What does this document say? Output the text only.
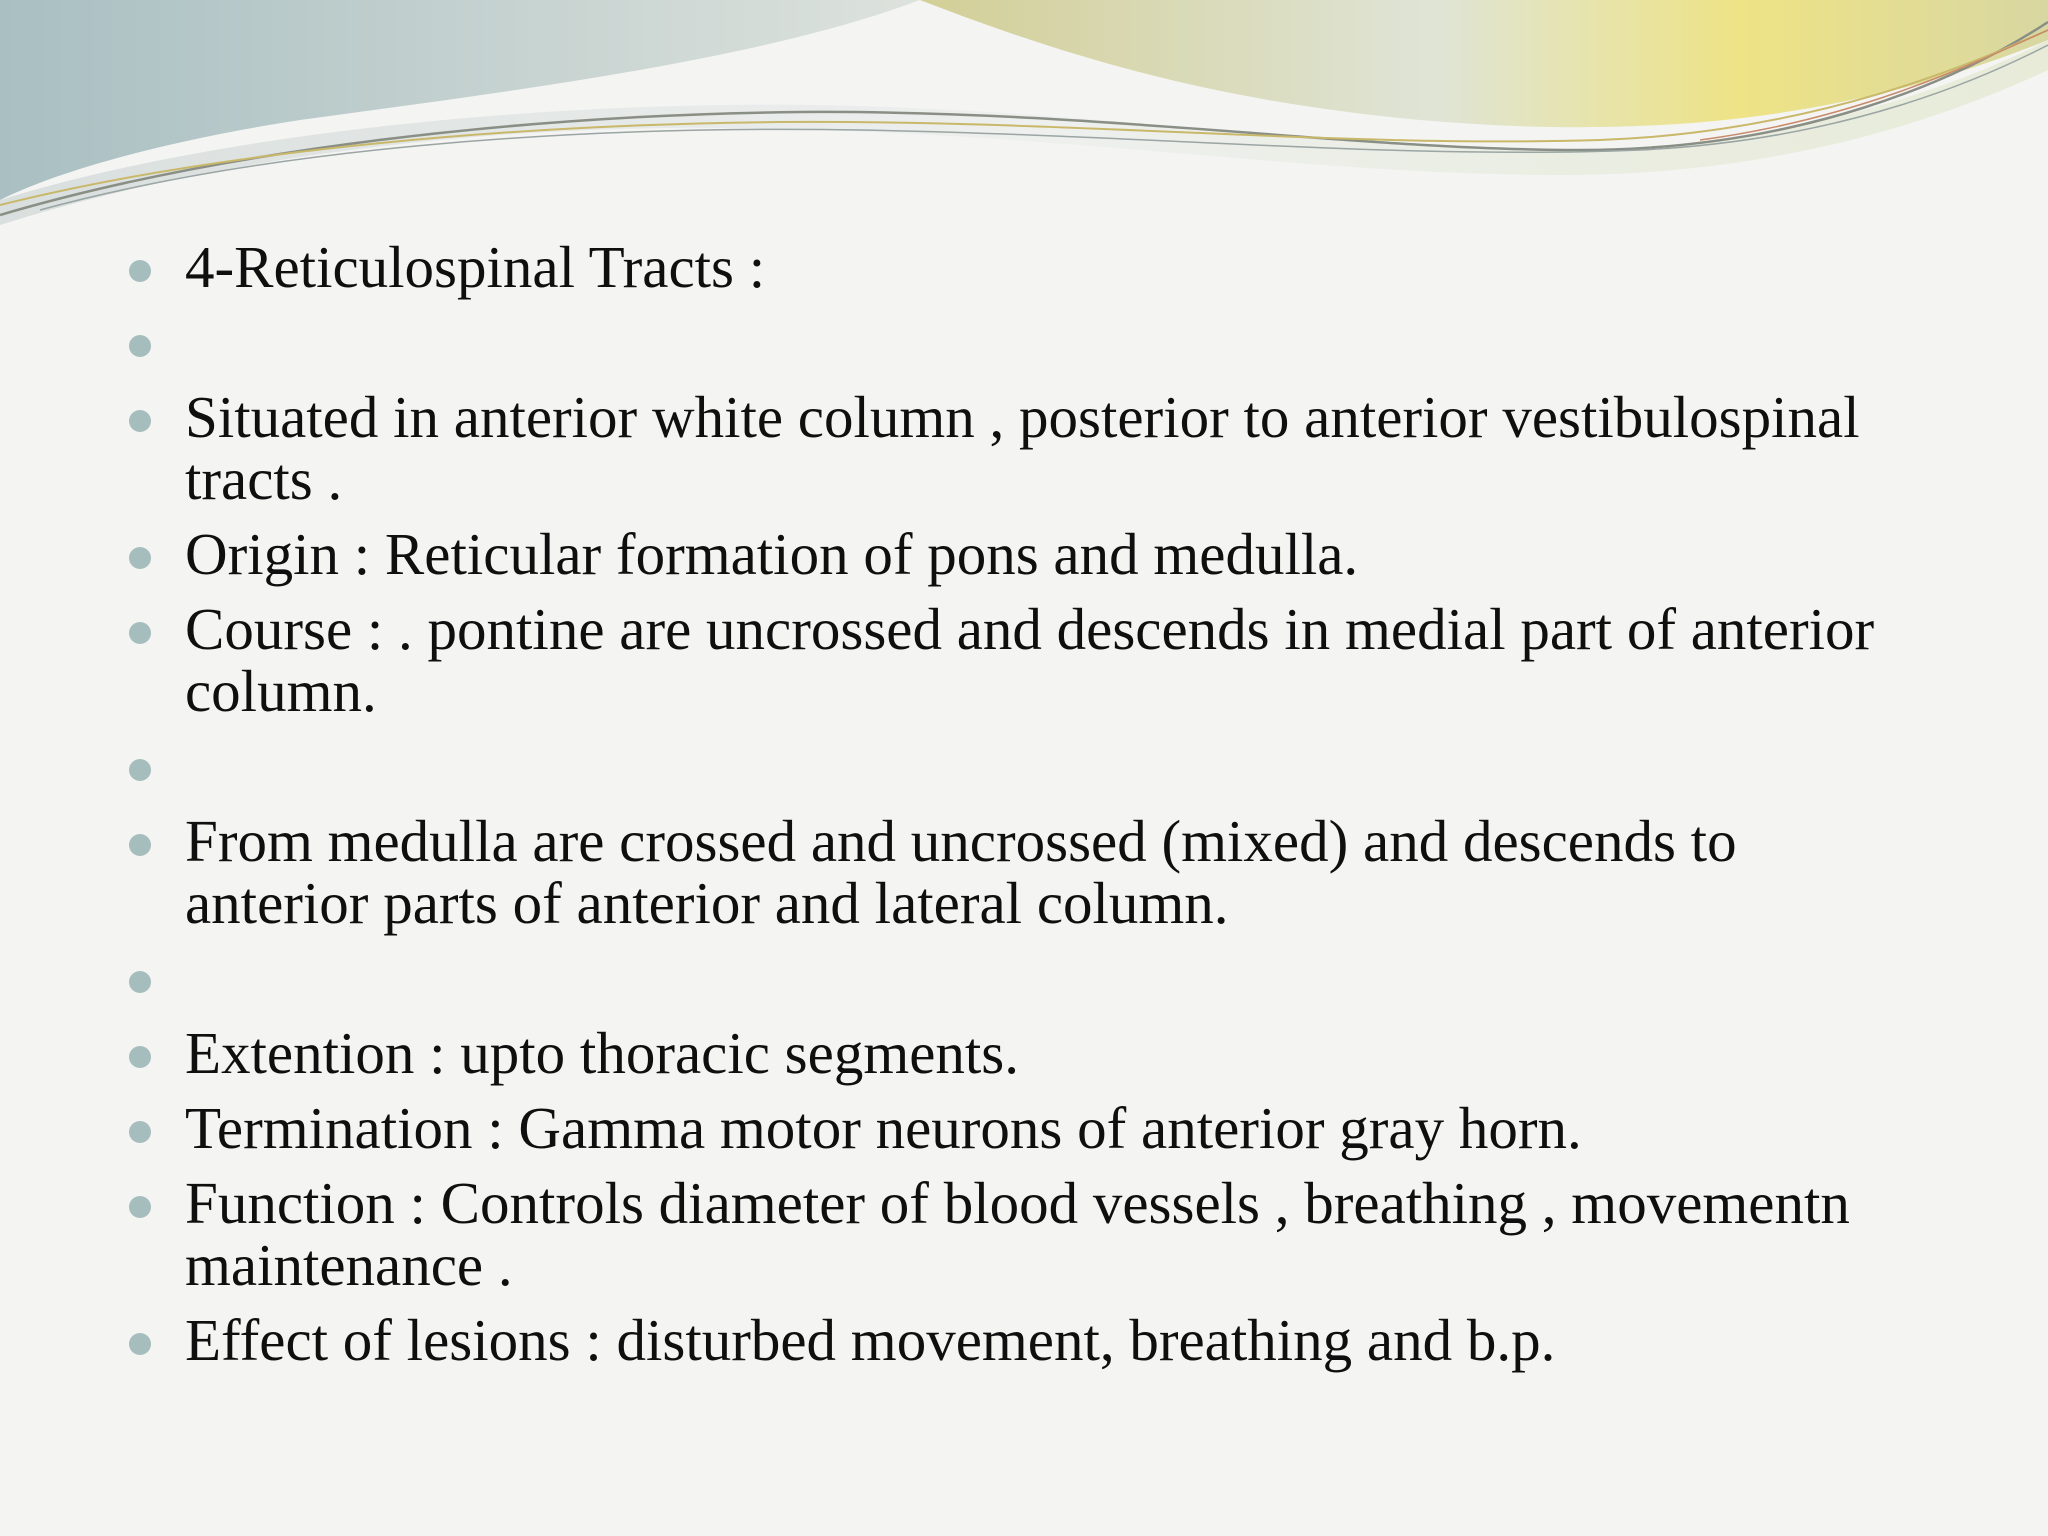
4-Reticulospinal Tracts :
Situated in anterior white column , posterior to anterior vestibulospinal tracts .
Origin : Reticular formation of pons and medulla.
Course : . pontine are uncrossed and descends in medial part of anterior column.
From medulla are crossed and uncrossed (mixed) and descends to anterior parts of anterior and lateral column.
Extention : upto thoracic segments.
Termination : Gamma motor neurons of anterior gray horn.
Function : Controls diameter of blood vessels , breathing , movementn maintenance .
Effect of lesions : disturbed movement, breathing and b.p.
